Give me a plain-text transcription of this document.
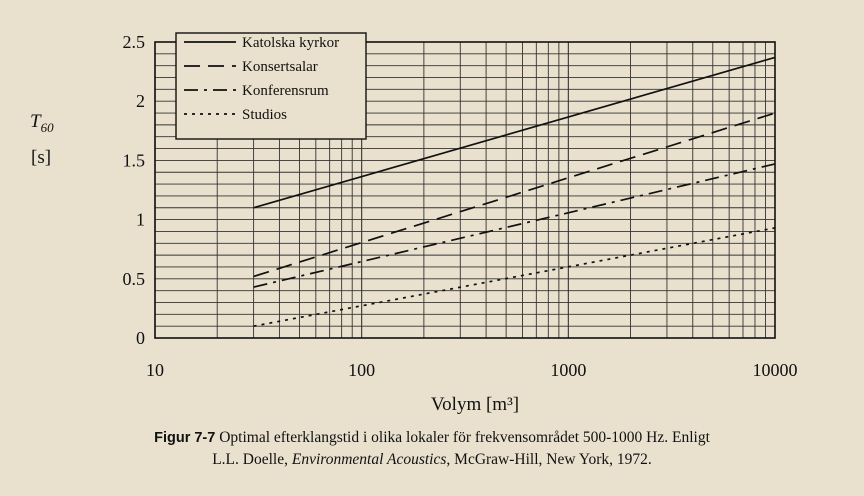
0
0.5
1
1.5
2
2.5
10	100	1000	10000
$T_{60}$
[s]
Volym [m³]
Katolska kyrkor
Konsertsalar
Konferensrum
Studios
Figur 7-7 Optimal efterklangstid i olika lokaler för frekvensområdet 500-1000 Hz. Enligt
L.L. Doelle, Environmental Acoustics, McGraw-Hill, New York, 1972.
